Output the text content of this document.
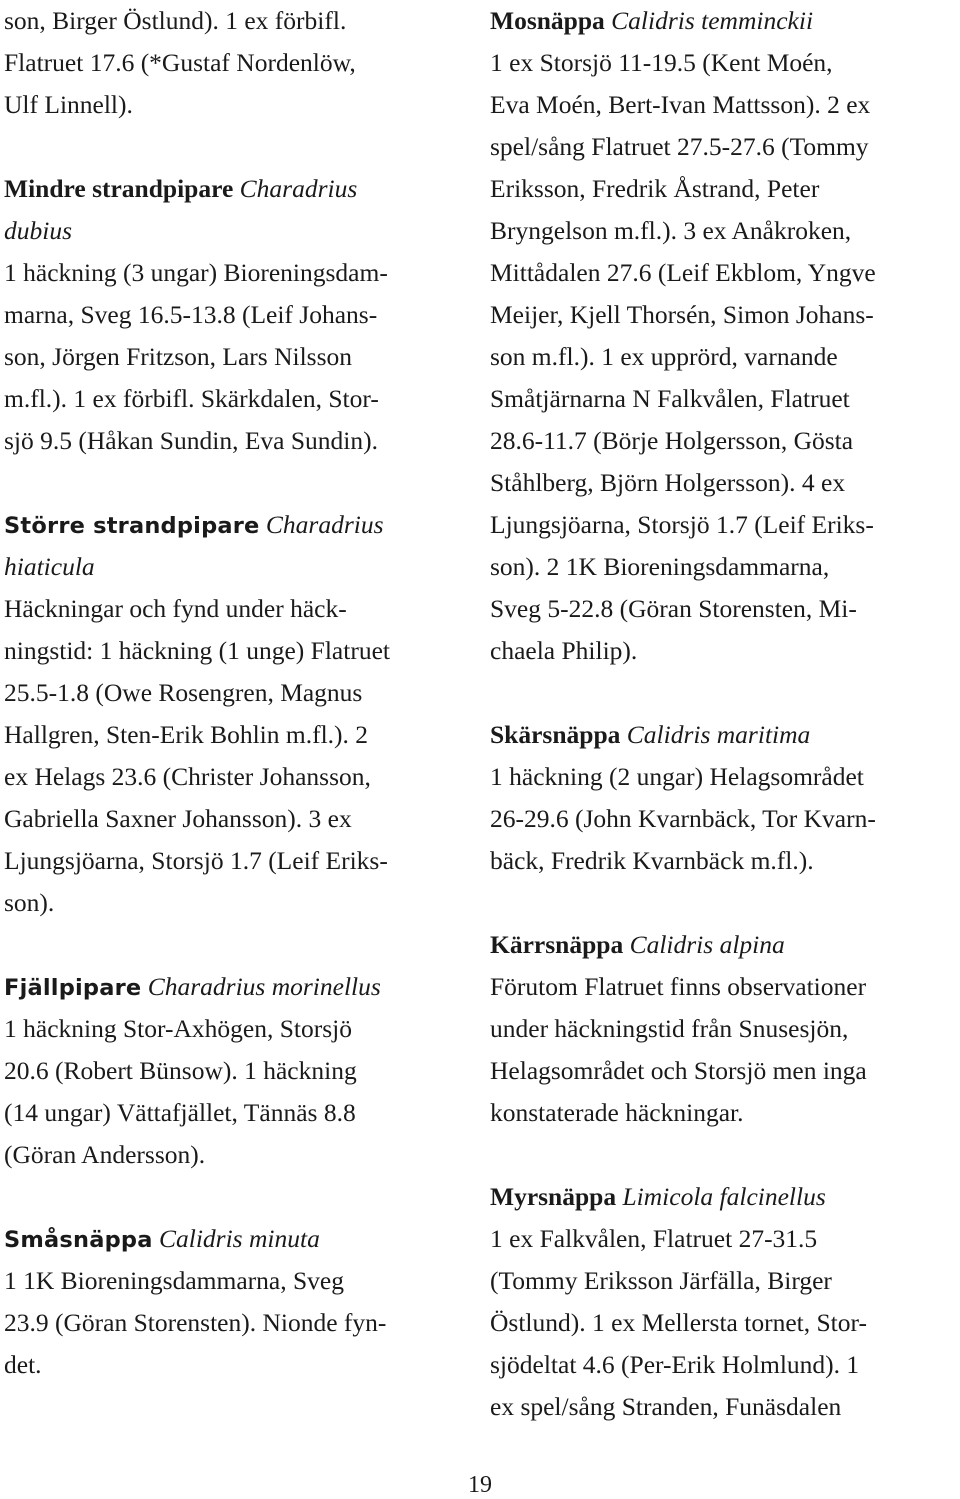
son, Birger Östlund). 1 ex förbifl.
Flatruet 17.6 (*Gustaf Nordenlöw,
Ulf Linnell).
Mindre strandpipare Charadrius
dubius
1 häckning (3 ungar) Bioreningsdam-
marna, Sveg 16.5-13.8 (Leif Johans-
son, Jörgen Fritzson, Lars Nilsson
m.fl.). 1 ex förbifl. Skärkdalen, Stor-
sjö 9.5 (Håkan Sundin, Eva Sundin).
Större strandpipare Charadrius
hiaticula
Häckningar och fynd under häck-
ningstid: 1 häckning (1 unge) Flatruet
25.5-1.8 (Owe Rosengren, Magnus
Hallgren, Sten-Erik Bohlin m.fl.). 2
ex Helags 23.6 (Christer Johansson,
Gabriella Saxner Johansson). 3 ex
Ljungsjöarna, Storsjö 1.7 (Leif Eriks-
son).
Fjällpipare Charadrius morinellus
1 häckning Stor-Axhögen, Storsjö
20.6 (Robert Bünsow). 1 häckning
(14 ungar) Vättafjället, Tännäs 8.8
(Göran Andersson).
Småsnäppa Calidris minuta
1 1K Bioreningsdammarna, Sveg
23.9 (Göran Storensten). Nionde fyn-
det.
Mosnäppa Calidris temminckii
1 ex Storsjö 11-19.5 (Kent Moén,
Eva Moén, Bert-Ivan Mattsson). 2 ex
spel/sång Flatruet 27.5-27.6 (Tommy
Eriksson, Fredrik Åstrand, Peter
Bryngelson m.fl.). 3 ex Anåkroken,
Mittådalen 27.6 (Leif Ekblom, Yngve
Meijer, Kjell Thorsén, Simon Johans-
son m.fl.). 1 ex upprörd, varnande
Småtjärnarna N Falkvålen, Flatruet
28.6-11.7 (Börje Holgersson, Gösta
Ståhlberg, Björn Holgersson). 4 ex
Ljungsjöarna, Storsjö 1.7 (Leif Eriks-
son). 2 1K Bioreningsdammarna,
Sveg 5-22.8 (Göran Storensten, Mi-
chaela Philip).
Skärsnäppa Calidris maritima
1 häckning (2 ungar) Helagsområdet
26-29.6 (John Kvarnbäck, Tor Kvarn-
bäck, Fredrik Kvarnbäck m.fl.).
Kärrsnäppa Calidris alpina
Förutom Flatruet finns observationer
under häckningstid från Snusesjön,
Helagsområdet och Storsjö men inga
konstaterade häckningar.
Myrsnäppa Limicola falcinellus
1 ex Falkvålen, Flatruet 27-31.5
(Tommy Eriksson Järfälla, Birger
Östlund). 1 ex Mellersta tornet, Stor-
sjödeltat 4.6 (Per-Erik Holmlund). 1
ex spel/sång Stranden, Funäsdalen
19
